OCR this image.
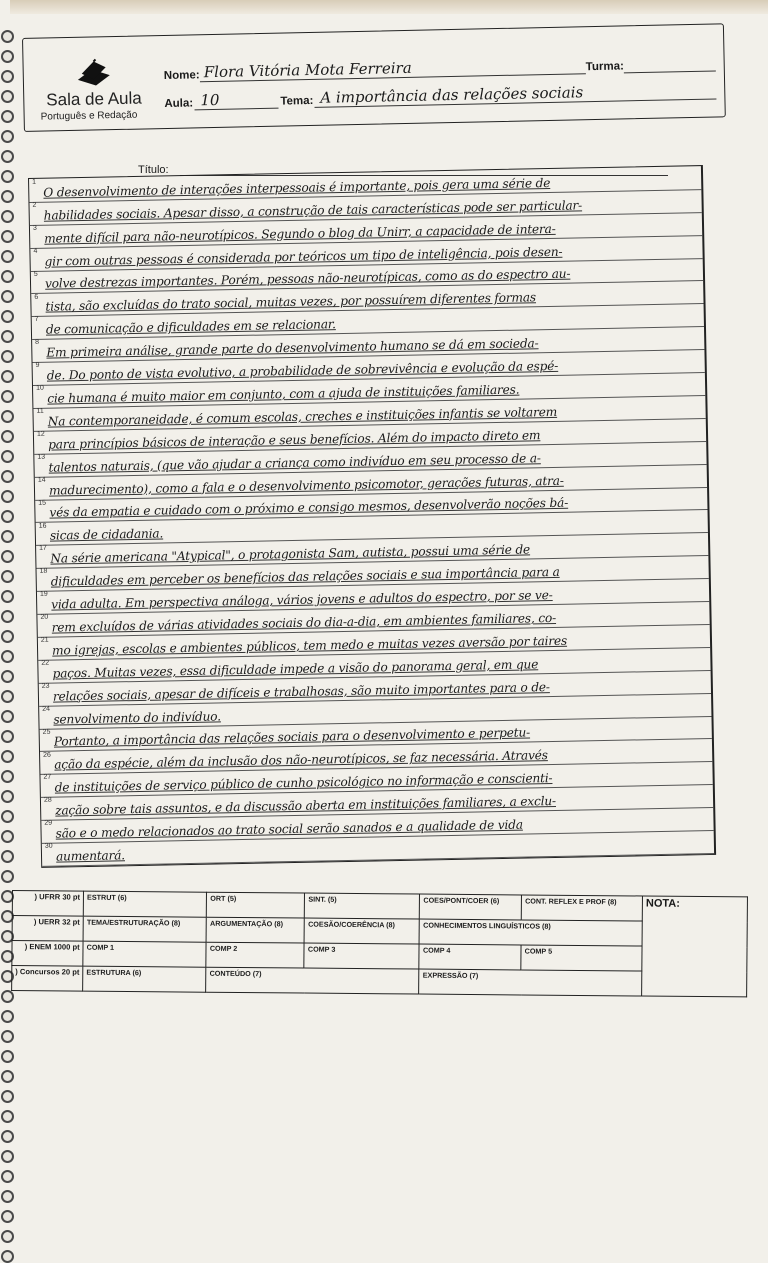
Sala de Aula
Português e Redação
Nome: Flora Vitória Mota Ferreira	Turma:
Aula: 10	Tema: A importância das relações sociais
Título:
1 O desenvolvimento de interações interpessoais é importante, pois gera uma série de
2 habilidades sociais. Apesar disso, a construção de tais características pode ser particular-
3 mente difícil para não-neurotípicos. Segundo o blog da Unirr, a capacidade de intera-
4 gir com outras pessoas é considerada por teóricos um tipo de inteligência, pois desen-
5 volve destrezas importantes. Porém, pessoas não-neurotípicas, como as do espectro au-
6 tista, são excluídas do trato social, muitas vezes, por possuírem diferentes formas
7 de comunicação e dificuldades em se relacionar.
8 Em primeira análise, grande parte do desenvolvimento humano se dá em socieda-
9 de. Do ponto de vista evolutivo, a probabilidade de sobrevivência e evolução da espé-
10 cie humana é muito maior em conjunto, com a ajuda de instituições familiares.
11 Na contemporaneidade, é comum escolas, creches e instituições infantis se voltarem
12 para princípios básicos de interação e seus benefícios. Além do impacto direto em
13 talentos naturais, (que vão ajudar a criança como indivíduo em seu processo de a-
14 madurecimento), como a fala e o desenvolvimento psicomotor, gerações futuras, atra-
15 vés da empatia e cuidado com o próximo e consigo mesmos, desenvolverão noções bá-
16
sicas de cidadania.
17 Na série americana "Atypical", o protagonista Sam, autista, possui uma série de
18 dificuldades em perceber os benefícios das relações sociais e sua importância para a
19 vida adulta. Em perspectiva análoga, vários jovens e adultos do espectro, por se ve-
20 rem excluídos de várias atividades sociais do dia-a-dia, em ambientes familiares, co-
21 mo igrejas, escolas e ambientes públicos, tem medo e muitas vezes aversão por taires
22 paços. Muitas vezes, essa dificuldade impede a visão do panorama geral, em que
23 relações sociais, apesar de difíceis e trabalhosas, são muito importantes para o de-
24
senvolvimento do indivíduo.
25 Portanto, a importância das relações sociais para o desenvolvimento e perpetu-
26 ação da espécie, além da inclusão dos não-neurotípicos, se faz necessária. Através
27 de instituições de serviço público de cunho psicológico no informação e conscienti-
28 zação sobre tais assuntos, e da discussão aberta em instituições familiares, a exclu-
29 são e o medo relacionados ao trato social serão sanados e a qualidade de vida
30
aumentará.
) UFRR 30 pt	ESTRUT (6)	ORT (5)	SINT. (5)	COES/PONT/COER (6)	CONT. REFLEX E PROF (8)	NOTA:
) UERR 32 pt	TEMA/ESTRUTURAÇÃO (8)	ARGUMENTAÇÃO (8)	COESÃO/COERÊNCIA (8)	CONHECIMENTOS LINGUÍSTICOS (8)		
) ENEM 1000 pt	COMP 1	COMP 2	COMP 3	COMP 4	COMP 5	
) Concursos 20 pt	ESTRUTURA (6)	CONTEÚDO (7)		EXPRESSÃO (7)		
